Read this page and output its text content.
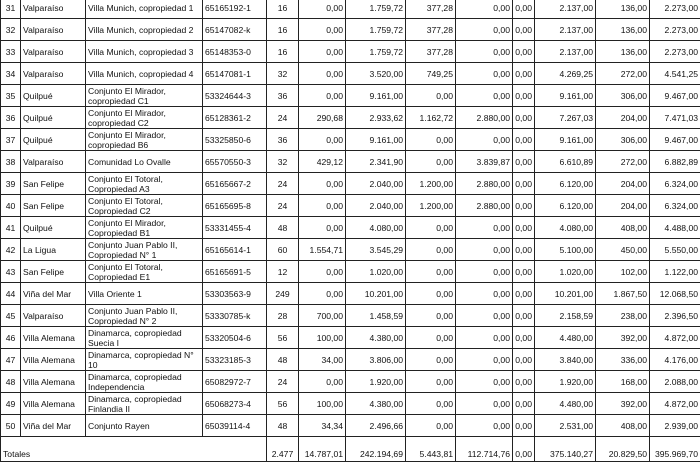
31	Valparaíso	Villa Munich, copropiedad 1	65165192-1	16	0,00	1.759,72	377,28	0,00	0,00	2.137,00	136,00	2.273,00
32	Valparaíso	Villa Munich, copropiedad 2	65147082-k	16	0,00	1.759,72	377,28	0,00	0,00	2.137,00	136,00	2.273,00
33	Valparaíso	Villa Munich, copropiedad 3	65148353-0	16	0,00	1.759,72	377,28	0,00	0,00	2.137,00	136,00	2.273,00
34	Valparaíso	Villa Munich, copropiedad 4	65147081-1	32	0,00	3.520,00	749,25	0,00	0,00	4.269,25	272,00	4.541,25
35	Quilpué	Conjunto El Mirador, copropiedad C1	53324644-3	36	0,00	9.161,00	0,00	0,00	0,00	9.161,00	306,00	9.467,00
36	Quilpué	Conjunto El Mirador, copropiedad C2	65128361-2	24	290,68	2.933,62	1.162,72	2.880,00	0,00	7.267,03	204,00	7.471,03
37	Quilpué	Conjunto El Mirador, copropiedad B6	53325850-6	36	0,00	9.161,00	0,00	0,00	0,00	9.161,00	306,00	9.467,00
38	Valparaíso	Comunidad Lo Ovalle	65570550-3	32	429,12	2.341,90	0,00	3.839,87	0,00	6.610,89	272,00	6.882,89
39	San Felipe	Conjunto El Totoral, Copropiedad A3	65165667-2	24	0,00	2.040,00	1.200,00	2.880,00	0,00	6.120,00	204,00	6.324,00
40	San Felipe	Conjunto El Totoral, Copropiedad C2	65165695-8	24	0,00	2.040,00	1.200,00	2.880,00	0,00	6.120,00	204,00	6.324,00
41	Quilpué	Conjunto El Mirador, Copropiedad B1	53331455-4	48	0,00	4.080,00	0,00	0,00	0,00	4.080,00	408,00	4.488,00
42	La Ligua	Conjunto Juan Pablo II, Copropiedad N° 1	65165614-1	60	1.554,71	3.545,29	0,00	0,00	0,00	5.100,00	450,00	5.550,00
43	San Felipe	Conjunto El Totoral, Copropiedad E1	65165691-5	12	0,00	1.020,00	0,00	0,00	0,00	1.020,00	102,00	1.122,00
44	Viña del Mar	Villa Oriente 1	53303563-9	249	0,00	10.201,00	0,00	0,00	0,00	10.201,00	1.867,50	12.068,50
45	Valparaíso	Conjunto Juan Pablo II, Copropiedad N° 2	53330785-k	28	700,00	1.458,59	0,00	0,00	0,00	2.158,59	238,00	2.396,50
46	Villa Alemana	Dinamarca, copropiedad Suecia I	53320504-6	56	100,00	4.380,00	0,00	0,00	0,00	4.480,00	392,00	4.872,00
47	Villa Alemana	Dinamarca, copropiedad N° 10	53323185-3	48	34,00	3.806,00	0,00	0,00	0,00	3.840,00	336,00	4.176,00
48	Villa Alemana	Dinamarca, copropiedad Independencia	65082972-7	24	0,00	1.920,00	0,00	0,00	0,00	1.920,00	168,00	2.088,00
49	Villa Alemana	Dinamarca, copropiedad Finlandia II	65068273-4	56	100,00	4.380,00	0,00	0,00	0,00	4.480,00	392,00	4.872,00
50	Viña del Mar	Conjunto Rayen	65039114-4	48	34,34	2.496,66	0,00	0,00	0,00	2.531,00	408,00	2.939,00
Totales				2.477	14.787,01	242.194,69	5.443,81	112.714,76	0,00	375.140,27	20.829,50	395.969,70
